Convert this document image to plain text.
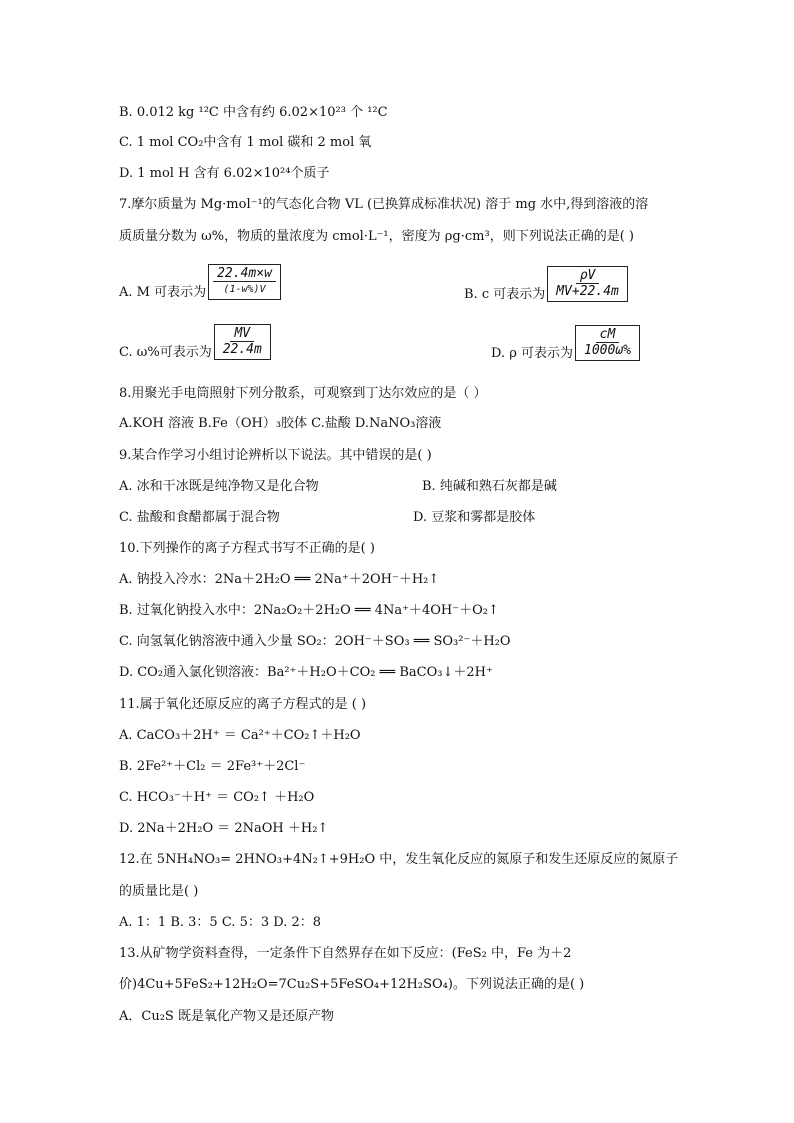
B. 0.012 kg ¹²C 中含有约 6.02×10²³ 个 ¹²C
C. 1 mol CO₂中含有 1 mol 碳和 2 mol 氧
D. 1 mol H 含有 6.02×10²⁴个质子
7.摩尔质量为 Mg·mol⁻¹的气态化合物 VL (已换算成标准状况) 溶于 mg 水中,得到溶液的溶
质质量分数为 ω%，物质的量浓度为 cmol·L⁻¹，密度为 ρg·cm³，则下列说法正确的是( )
A. M 可表示为 $\frac{22.4m\times w}{(1-w\%)V}$	B. c 可表示为 $\frac{\rho V}{MV+22.4m}$
C. ω%可表示为 $\frac{MV}{22.4m}$	D. ρ 可表示为 $\frac{cM}{1000\omega\%}$
8.用聚光手电筒照射下列分散系，可观察到丁达尔效应的是（ ）
A.KOH 溶液 B.Fe（OH）₃胶体 C.盐酸 D.NaNO₃溶液
9.某合作学习小组讨论辨析以下说法。其中错误的是( )
A. 冰和干冰既是纯净物又是化合物	B. 纯碱和熟石灰都是碱
C. 盐酸和食醋都属于混合物	D. 豆浆和雾都是胶体
10.下列操作的离子方程式书写不正确的是( )
A. 钠投入冷水：2Na＋2H₂O ══ 2Na⁺＋2OH⁻＋H₂↑
B. 过氧化钠投入水中：2Na₂O₂＋2H₂O ══ 4Na⁺＋4OH⁻＋O₂↑
C. 向氢氧化钠溶液中通入少量 SO₂：2OH⁻＋SO₃ ══ SO₃²⁻＋H₂O
D. CO₂通入氯化钡溶液：Ba²⁺＋H₂O＋CO₂ ══ BaCO₃↓＋2H⁺
11.属于氧化还原反应的离子方程式的是 ( )
A. CaCO₃＋2H⁺ ＝ Ca²⁺＋CO₂↑＋H₂O
B. 2Fe²⁺＋Cl₂ ＝ 2Fe³⁺＋2Cl⁻
C. HCO₃⁻＋H⁺ ＝ CO₂↑ ＋H₂O
D. 2Na＋2H₂O ＝ 2NaOH ＋H₂↑
12.在 5NH₄NO₃= 2HNO₃+4N₂↑+9H₂O 中，发生氧化反应的氮原子和发生还原反应的氮原子
的质量比是( )
A. 1：1 B. 3：5 C. 5：3 D. 2：8
13.从矿物学资料查得，一定条件下自然界存在如下反应：(FeS₂ 中，Fe 为＋2
价)4Cu+5FeS₂+12H₂O=7Cu₂S+5FeSO₄+12H₂SO₄)。下列说法正确的是( )
A．Cu₂S 既是氧化产物又是还原产物
